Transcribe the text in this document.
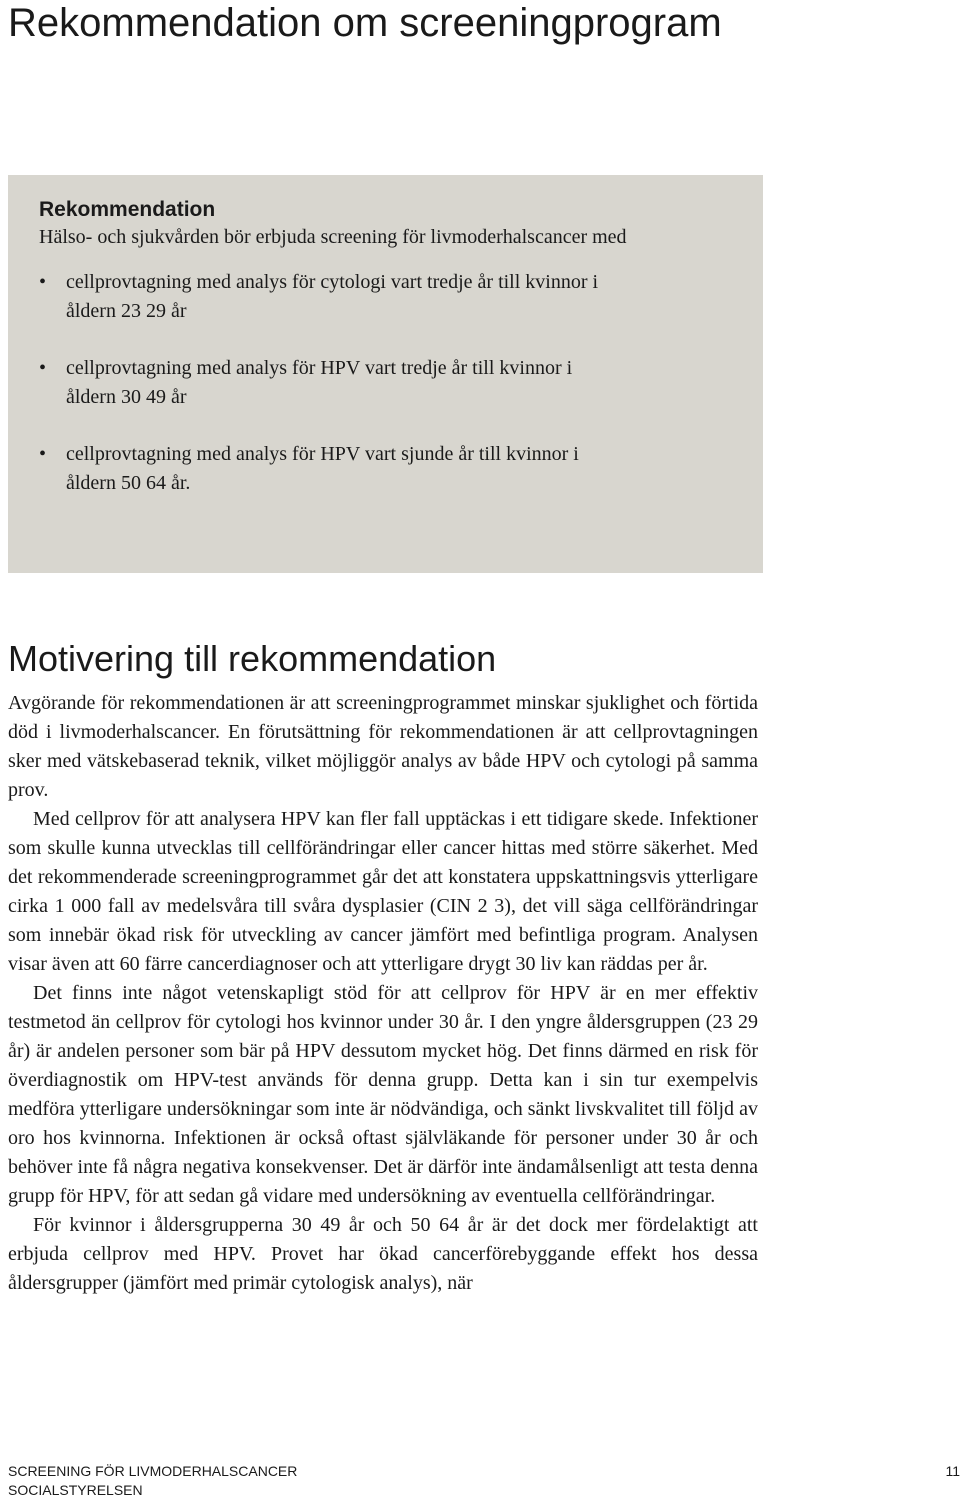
Rekommendation om screeningprogram
Rekommendation

Hälso- och sjukvården bör erbjuda screening för livmoderhalscancer med

• cellprovtagning med analys för cytologi vart tredje år till kvinnor i åldern 23 29 år
• cellprovtagning med analys för HPV vart tredje år till kvinnor i åldern 30 49 år
• cellprovtagning med analys för HPV vart sjunde år till kvinnor i åldern 50 64 år.
Motivering till rekommendation

Avgörande för rekommendationen är att screeningprogrammet minskar sjuklighet och förtida död i livmoderhalscancer. En förutsättning för rekommendationen är att cellprovtagningen sker med vätskebaserad teknik, vilket möjliggör analys av både HPV och cytologi på samma prov.

Med cellprov för att analysera HPV kan fler fall upptäckas i ett tidigare skede. Infektioner som skulle kunna utvecklas till cellförändringar eller cancer hittas med större säkerhet. Med det rekommenderade screeningprogrammet går det att konstatera uppskattningsvis ytterligare cirka 1 000 fall av medelsvåra till svåra dysplasier (CIN 2 3), det vill säga cellförändringar som innebär ökad risk för utveckling av cancer jämfört med befintliga program. Analysen visar även att 60 färre cancerdiagnoser och att ytterligare drygt 30 liv kan räddas per år.

Det finns inte något vetenskapligt stöd för att cellprov för HPV är en mer effektiv testmetod än cellprov för cytologi hos kvinnor under 30 år. I den yngre åldersgruppen (23 29 år) är andelen personer som bär på HPV dessutom mycket hög. Det finns därmed en risk för överdiagnostik om HPV-test används för denna grupp. Detta kan i sin tur exempelvis medföra ytterligare undersökningar som inte är nödvändiga, och sänkt livskvalitet till följd av oro hos kvinnorna. Infektionen är också oftast självläkande för personer under 30 år och behöver inte få några negativa konsekvenser. Det är därför inte ändamålsenligt att testa denna grupp för HPV, för att sedan gå vidare med undersökning av eventuella cellförändringar.

För kvinnor i åldersgrupperna 30 49 år och 50 64 år är det dock mer fördelaktigt att erbjuda cellprov med HPV. Provet har ökad cancerförebyggande effekt hos dessa åldersgrupper (jämfört med primär cytologisk analys), när

SCREENING FÖR LIVMODERHALSCANCER
SOCIALSTYRELSEN
11
